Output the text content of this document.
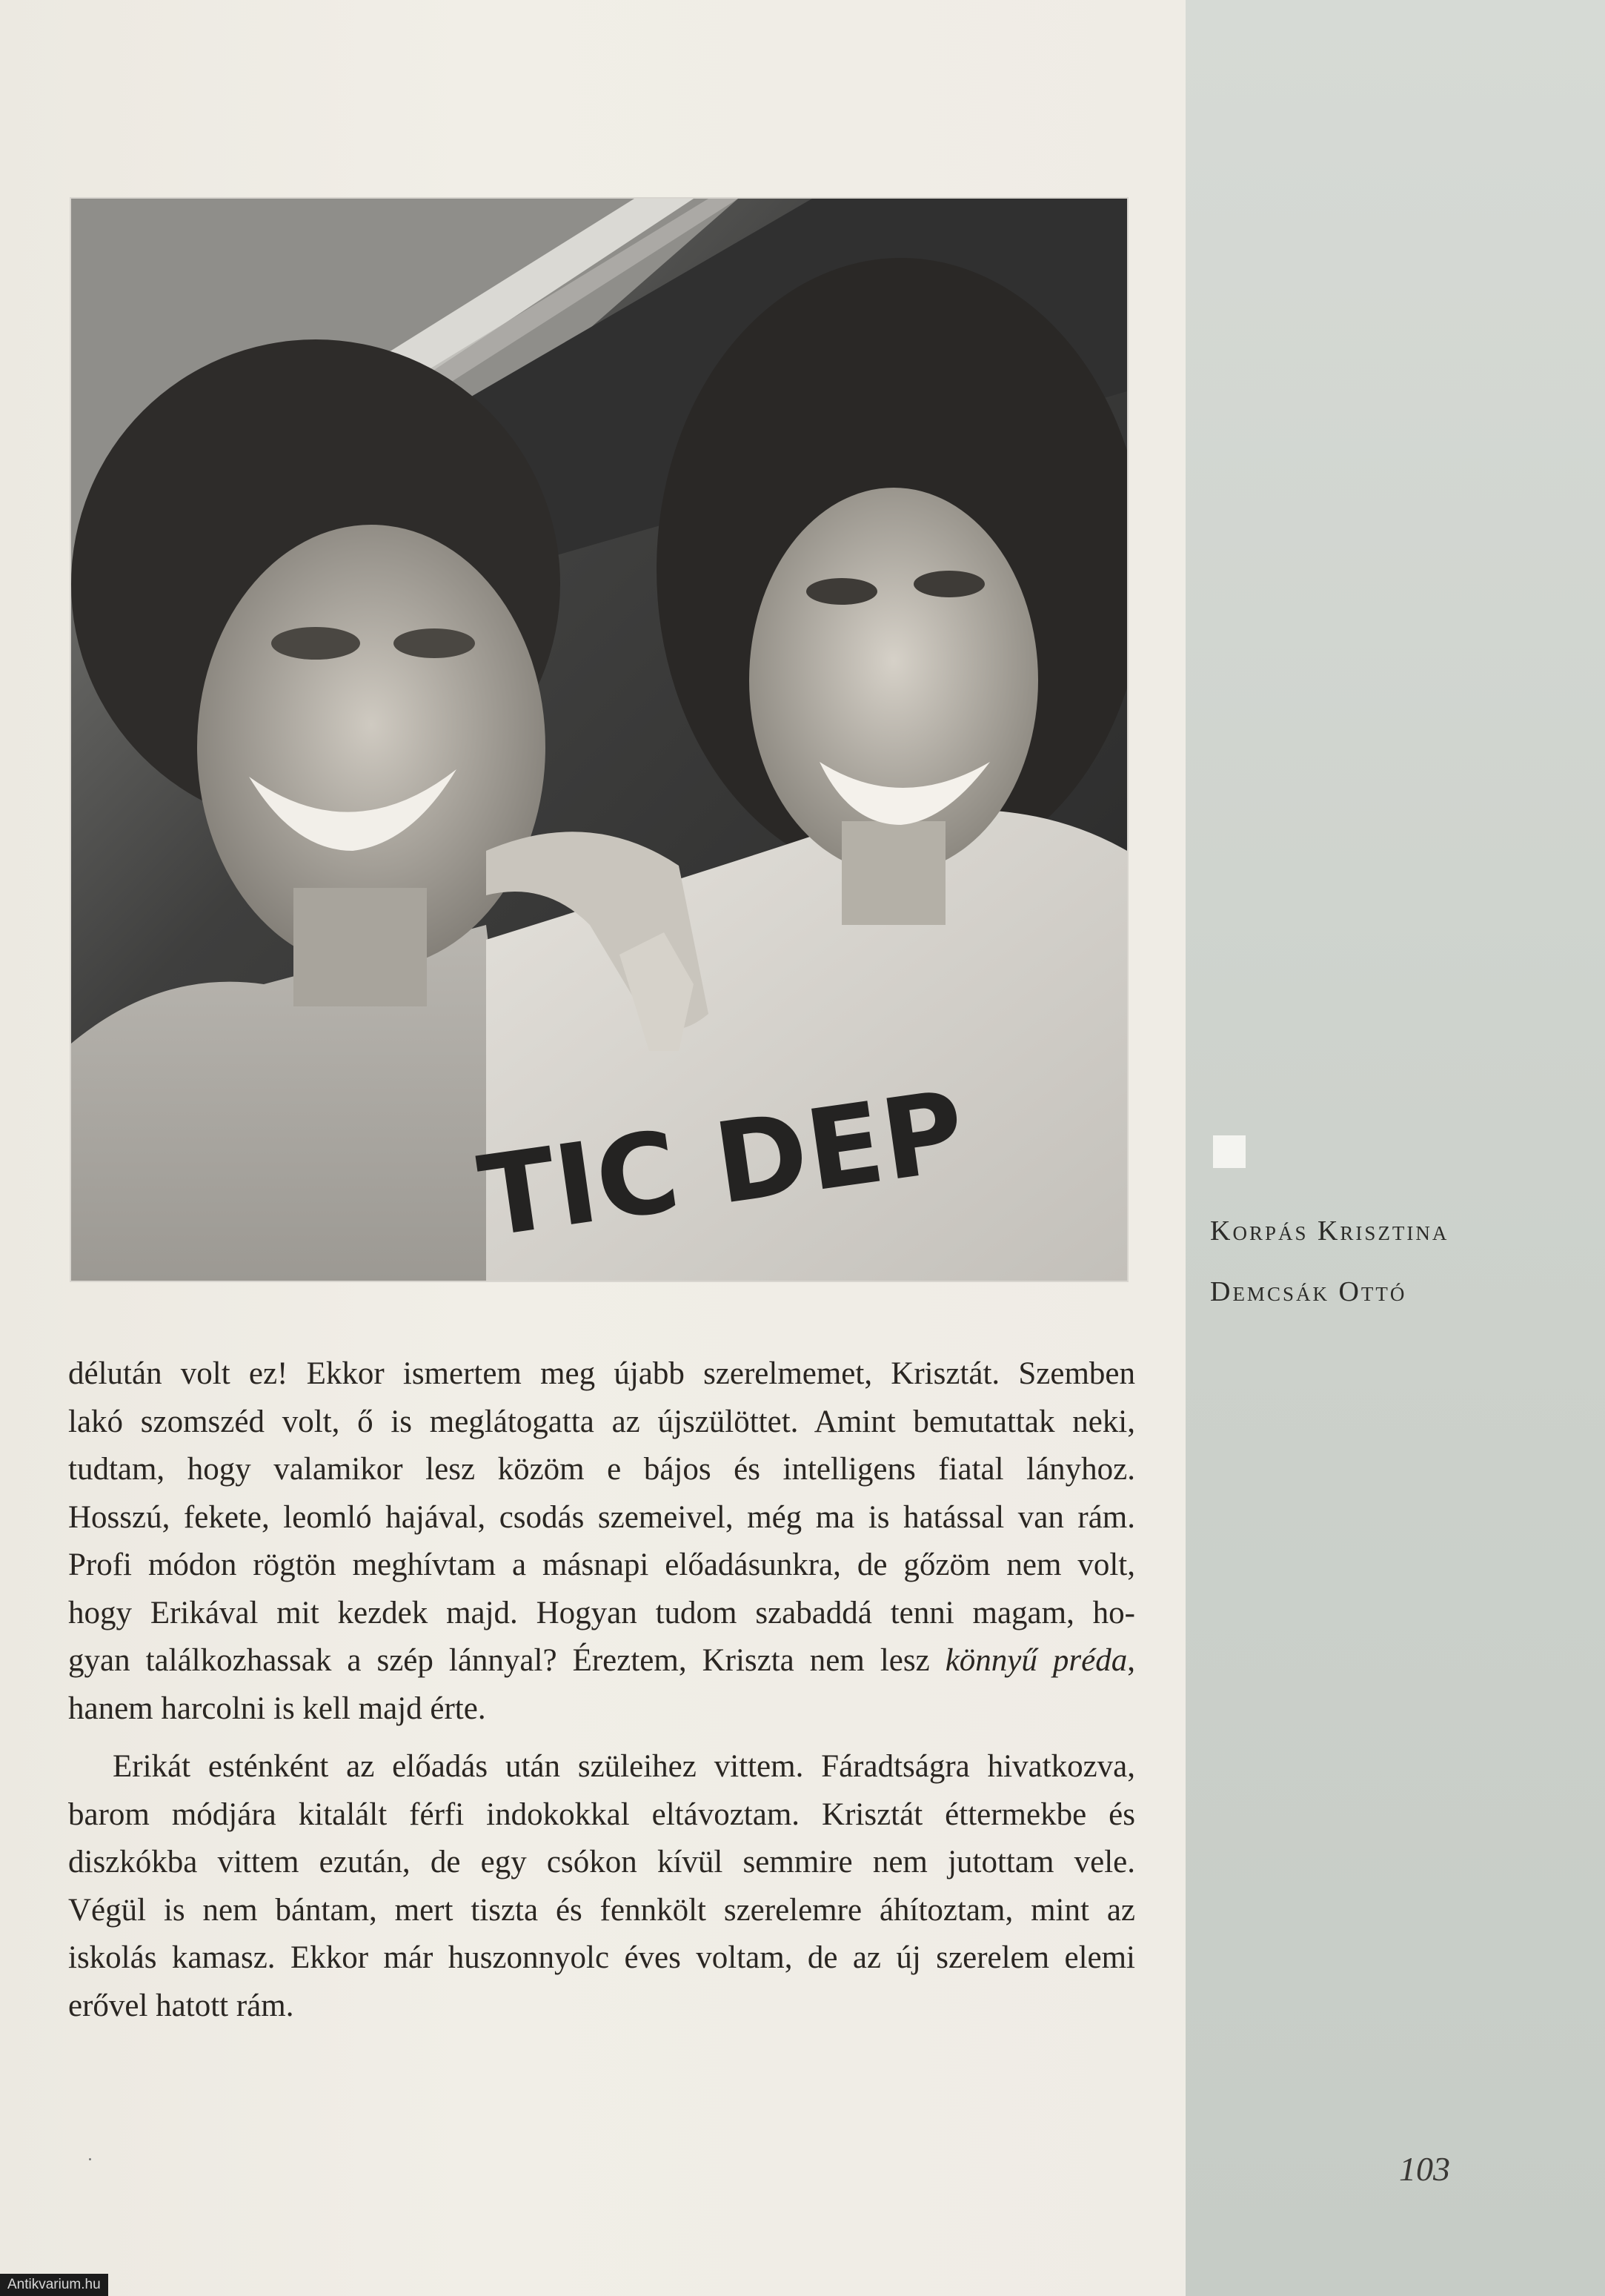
TIC DEP	Korpás Krisztina
Demcsák Ottó

délután volt ez! Ekkor ismertem meg újabb szerelmemet, Krisztát. Szemben
lakó szomszéd volt, ő is meglátogatta az újszülöttet. Amint bemutattak neki,
tudtam, hogy valamikor lesz közöm e bájos és intelligens fiatal lányhoz.
Hosszú, fekete, leomló hajával, csodás szemeivel, még ma is hatással van rám.
Profi módon rögtön meghívtam a másnapi előadásunkra, de gőzöm nem volt,
hogy Erikával mit kezdek majd. Hogyan tudom szabaddá tenni magam, ho-
gyan találkozhassak a szép lánnyal? Éreztem, Kriszta nem lesz könnyű préda,
hanem harcolni is kell majd érte.

Erikát esténként az előadás után szüleihez vittem. Fáradtságra hivatkozva,
barom módjára kitalált férfi indokokkal eltávoztam. Krisztát éttermekbe és
diszkókba vittem ezután, de egy csókon kívül semmire nem jutottam vele.
Végül is nem bántam, mert tiszta és fennkölt szerelemre áhítoztam, mint az
iskolás kamasz. Ekkor már huszonnyolc éves voltam, de az új szerelem elemi
erővel hatott rám.

103
Antikvarium.hu
